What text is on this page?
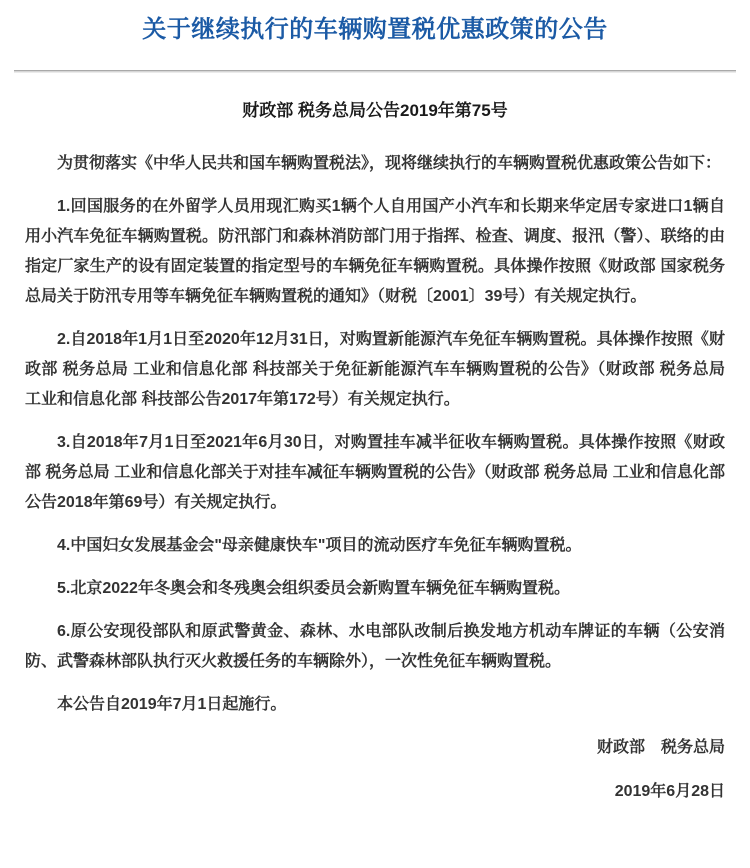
关于继续执行的车辆购置税优惠政策的公告
财政部 税务总局公告2019年第75号

为贯彻落实《中华人民共和国车辆购置税法》，现将继续执行的车辆购置税优惠政策公告如下：

1.回国服务的在外留学人员用现汇购买1辆个人自用国产小汽车和长期来华定居专家进口1辆自用小汽车免征车辆购置税。防汛部门和森林消防部门用于指挥、检查、调度、报汛（警）、联络的由指定厂家生产的设有固定装置的指定型号的车辆免征车辆购置税。具体操作按照《财政部 国家税务总局关于防汛专用等车辆免征车辆购置税的通知》（财税〔2001〕39号）有关规定执行。

2.自2018年1月1日至2020年12月31日，对购置新能源汽车免征车辆购置税。具体操作按照《财政部 税务总局 工业和信息化部 科技部关于免征新能源汽车车辆购置税的公告》（财政部 税务总局 工业和信息化部 科技部公告2017年第172号）有关规定执行。

3.自2018年7月1日至2021年6月30日，对购置挂车减半征收车辆购置税。具体操作按照《财政部 税务总局 工业和信息化部关于对挂车减征车辆购置税的公告》（财政部 税务总局 工业和信息化部公告2018年第69号）有关规定执行。

4.中国妇女发展基金会"母亲健康快车"项目的流动医疗车免征车辆购置税。

5.北京2022年冬奥会和冬残奥会组织委员会新购置车辆免征车辆购置税。

6.原公安现役部队和原武警黄金、森林、水电部队改制后换发地方机动车牌证的车辆（公安消防、武警森林部队执行灭火救援任务的车辆除外），一次性免征车辆购置税。

本公告自2019年7月1日起施行。

财政部　税务总局
2019年6月28日
